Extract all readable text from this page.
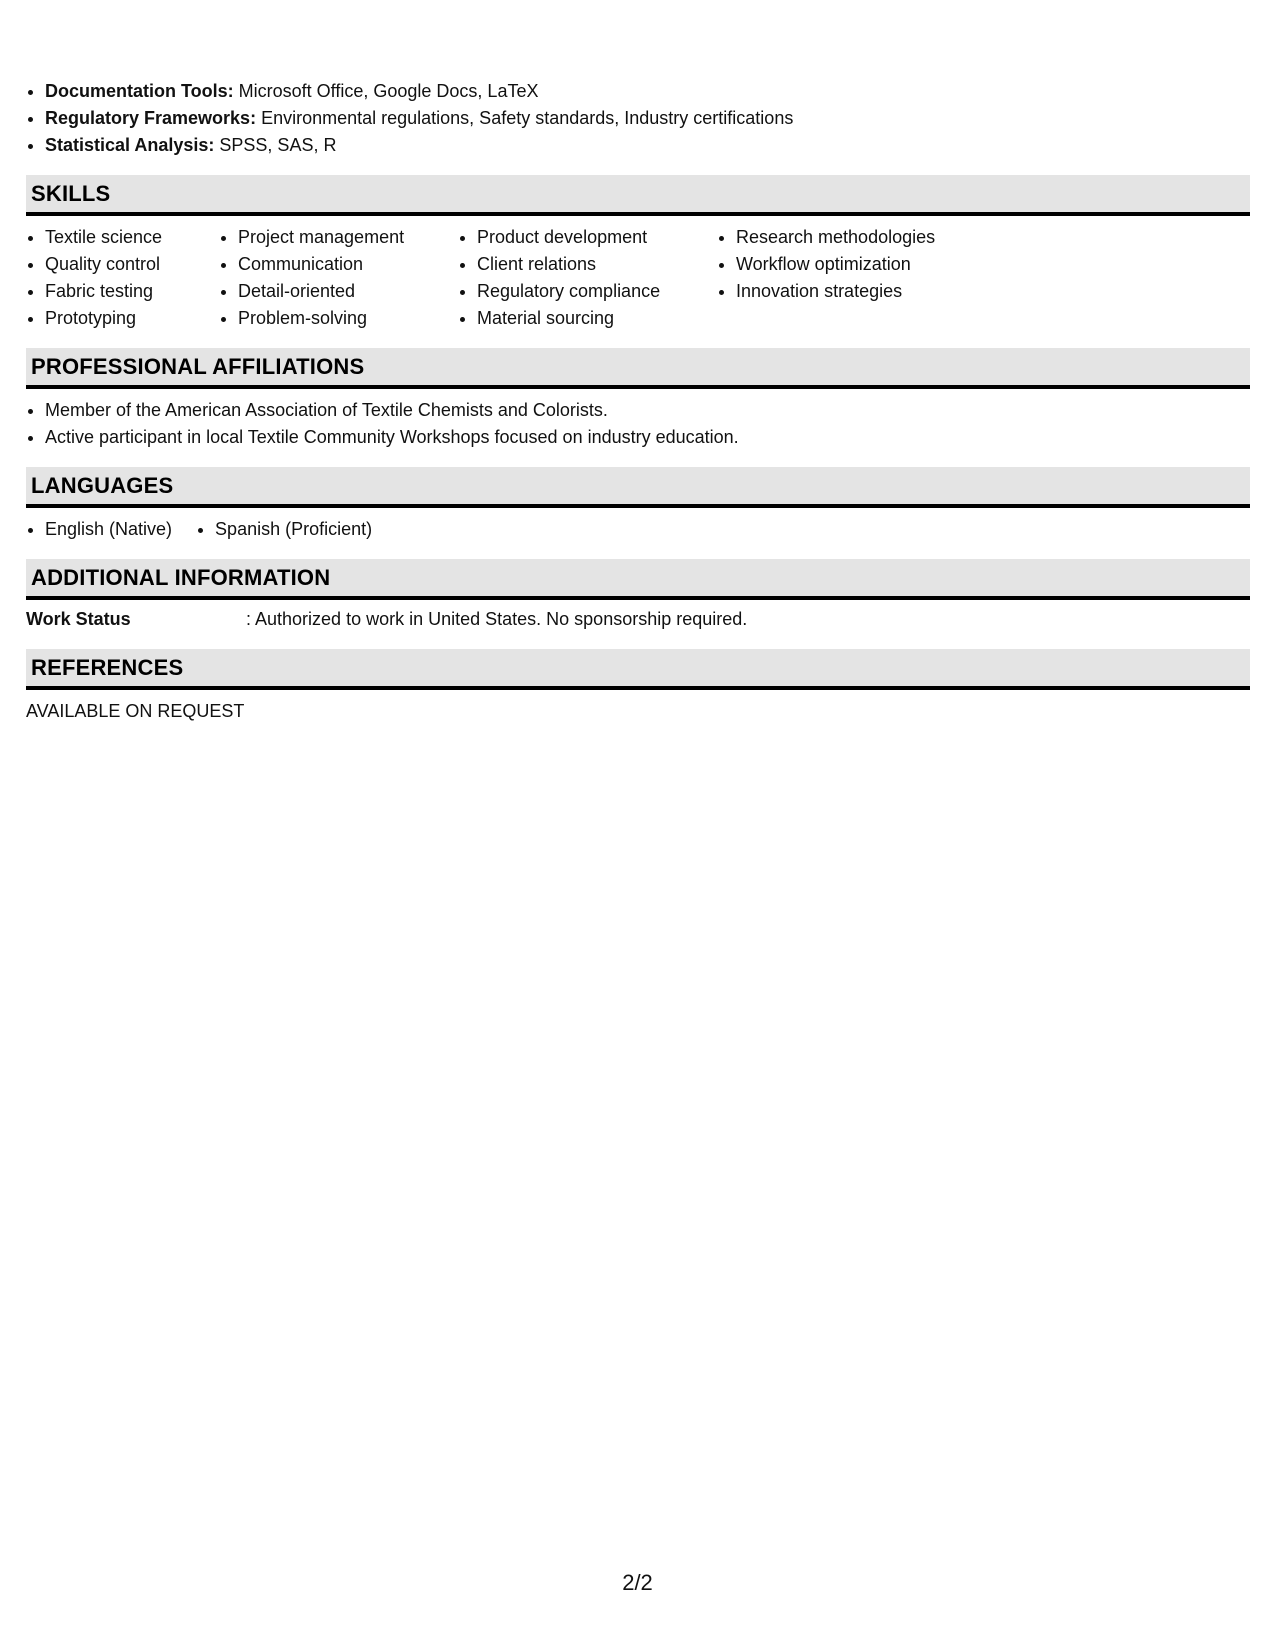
• Documentation Tools: Microsoft Office, Google Docs, LaTeX
• Regulatory Frameworks: Environmental regulations, Safety standards, Industry certifications
• Statistical Analysis: SPSS, SAS, R
SKILLS
• Textile science
• Quality control
• Fabric testing
• Prototyping
• Project management
• Communication
• Detail-oriented
• Problem-solving
• Product development
• Client relations
• Regulatory compliance
• Material sourcing
• Research methodologies
• Workflow optimization
• Innovation strategies
PROFESSIONAL AFFILIATIONS
• Member of the American Association of Textile Chemists and Colorists.
• Active participant in local Textile Community Workshops focused on industry education.
LANGUAGES
• English (Native)
• Spanish (Proficient)
ADDITIONAL INFORMATION
Work Status	: Authorized to work in United States. No sponsorship required.
REFERENCES
AVAILABLE ON REQUEST
2/2
